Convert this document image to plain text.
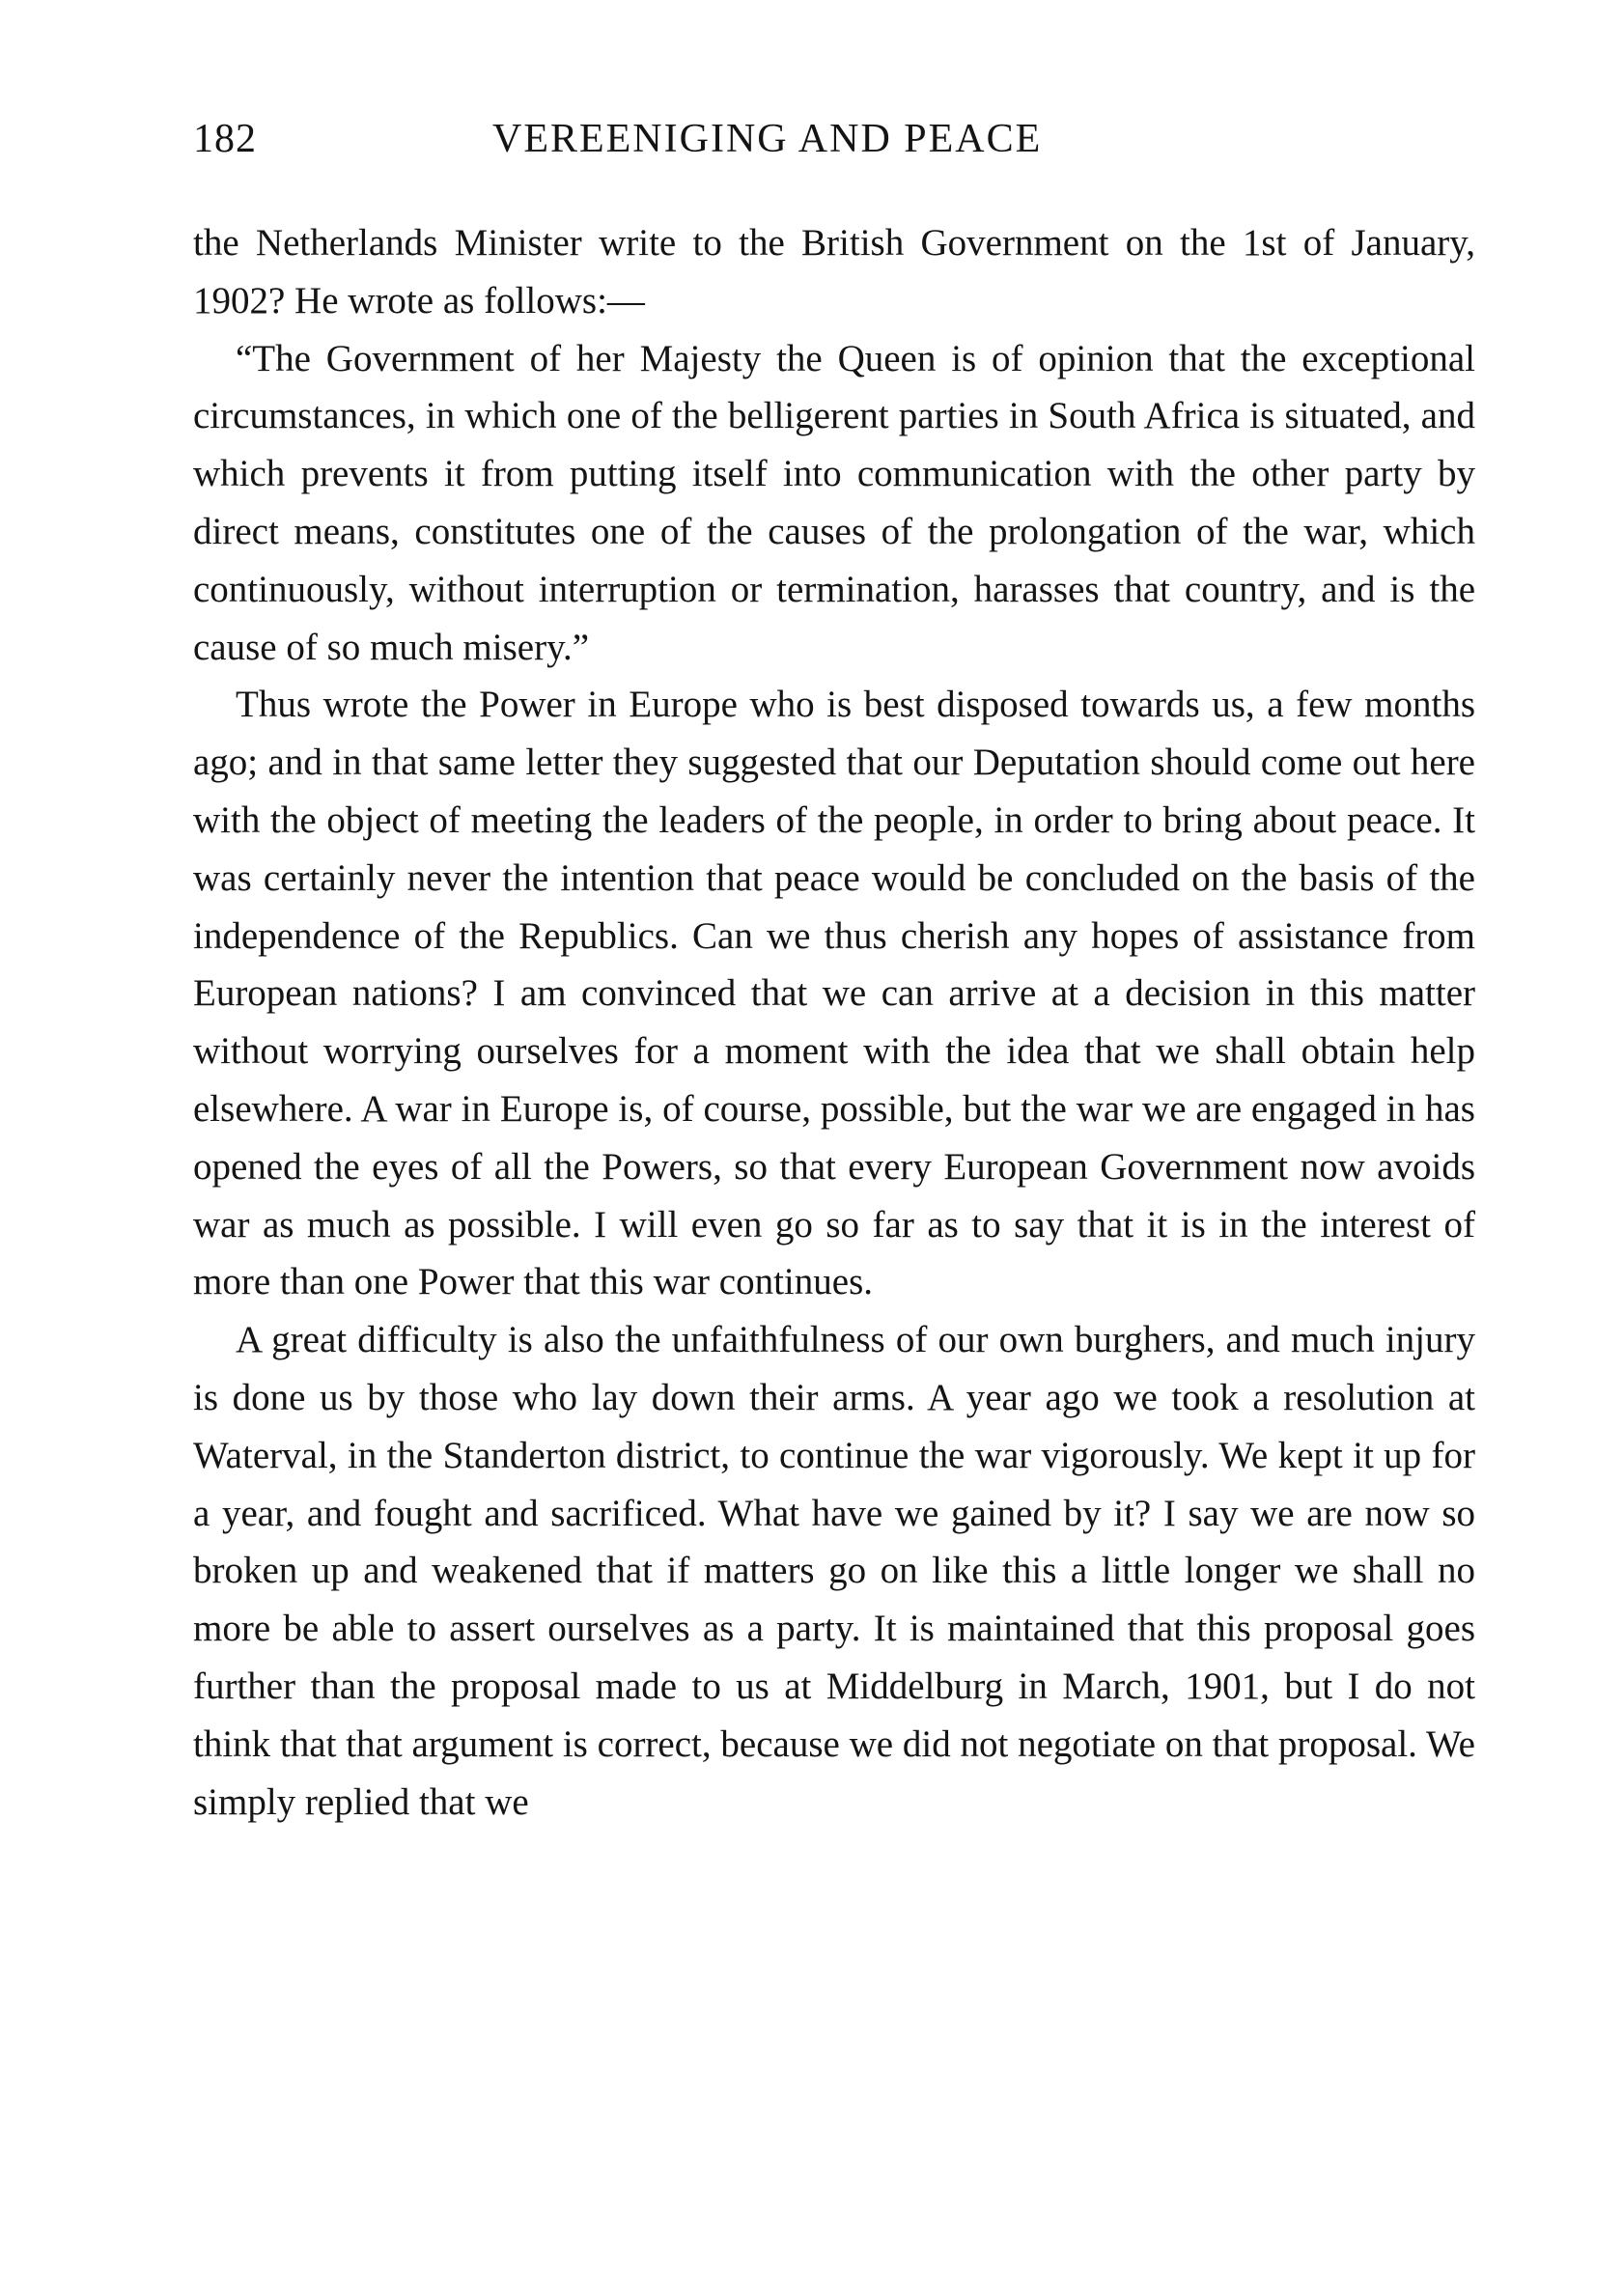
182	VEREENIGING AND PEACE

the Netherlands Minister write to the British Government on the 1st of January, 1902? He wrote as follows:—

“The Government of her Majesty the Queen is of opinion that the exceptional circumstances, in which one of the belligerent parties in South Africa is situated, and which prevents it from putting itself into communication with the other party by direct means, constitutes one of the causes of the prolongation of the war, which continuously, without interruption or termination, harasses that country, and is the cause of so much misery.”

Thus wrote the Power in Europe who is best disposed towards us, a few months ago; and in that same letter they suggested that our Deputation should come out here with the object of meeting the leaders of the people, in order to bring about peace. It was certainly never the intention that peace would be concluded on the basis of the independence of the Republics. Can we thus cherish any hopes of assistance from European nations? I am convinced that we can arrive at a decision in this matter without worrying ourselves for a moment with the idea that we shall obtain help elsewhere. A war in Europe is, of course, possible, but the war we are engaged in has opened the eyes of all the Powers, so that every European Government now avoids war as much as possible. I will even go so far as to say that it is in the interest of more than one Power that this war continues.

A great difficulty is also the unfaithfulness of our own burghers, and much injury is done us by those who lay down their arms. A year ago we took a resolution at Waterval, in the Standerton district, to continue the war vigorously. We kept it up for a year, and fought and sacrificed. What have we gained by it? I say we are now so broken up and weakened that if matters go on like this a little longer we shall no more be able to assert ourselves as a party. It is maintained that this proposal goes further than the proposal made to us at Middelburg in March, 1901, but I do not think that that argument is correct, because we did not negotiate on that proposal. We simply replied that we
